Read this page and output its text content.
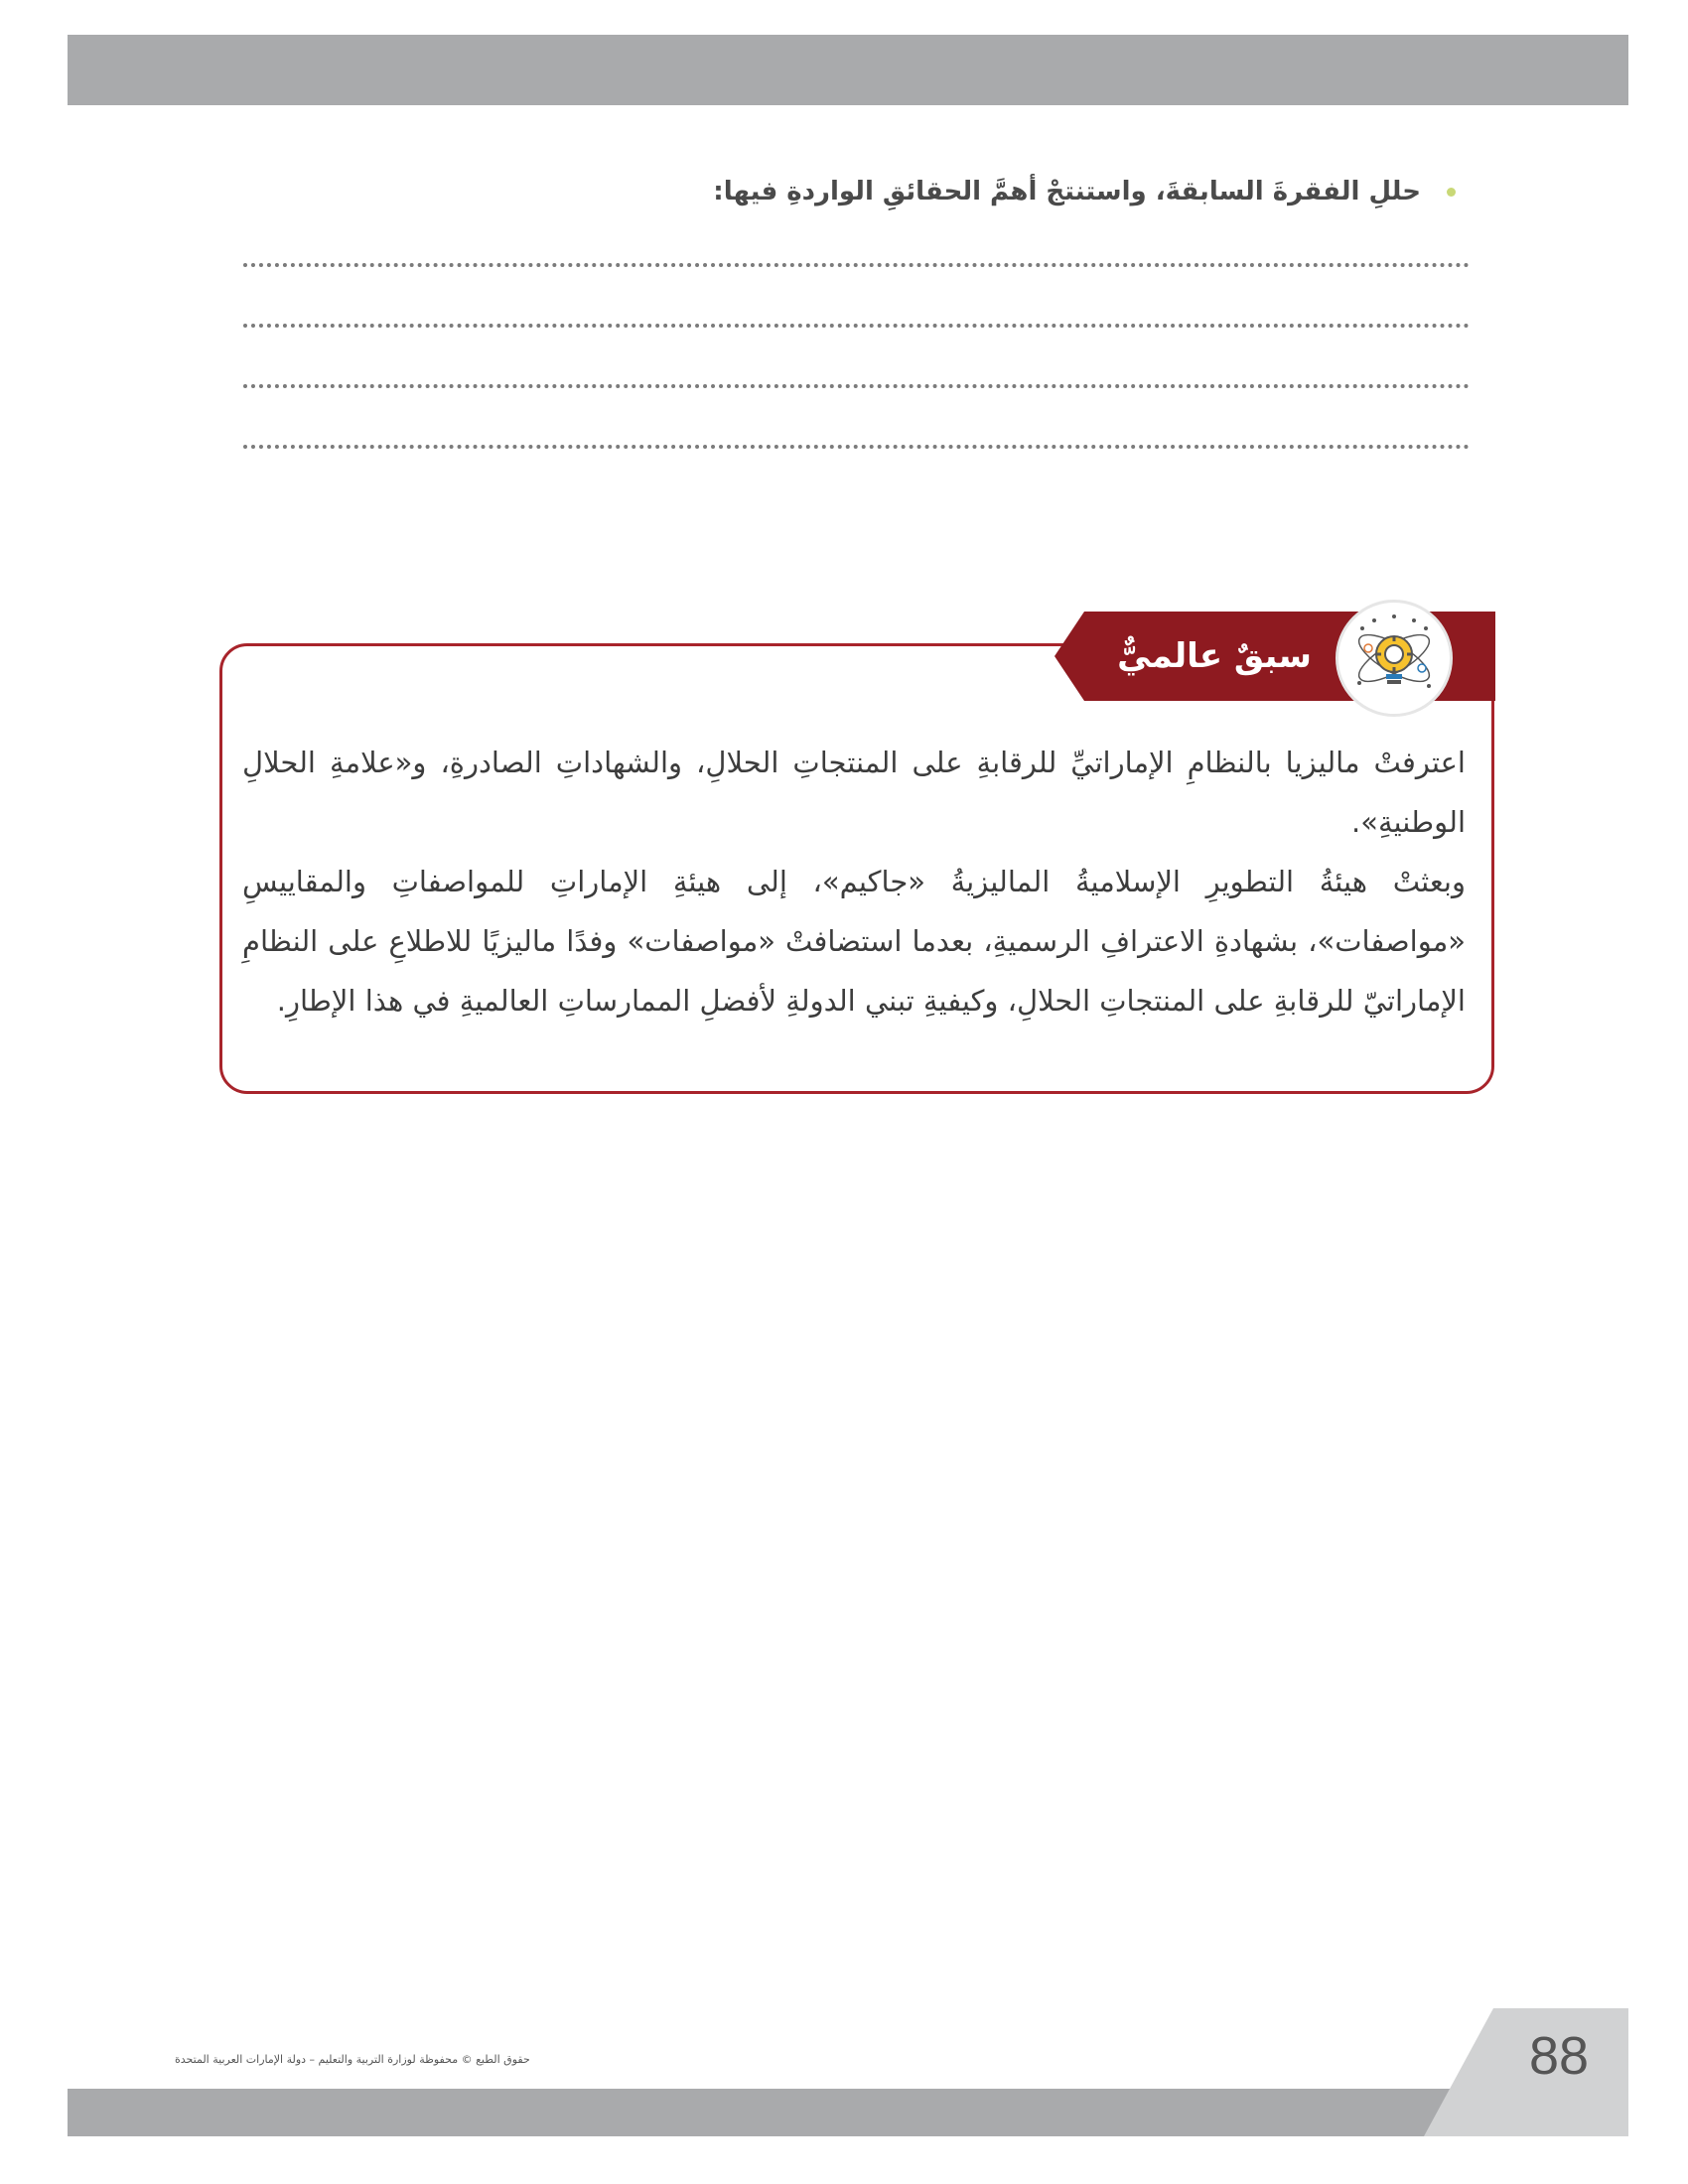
حللِ الفقرةَ السابقةَ، واستنتجْ أهمَّ الحقائقِ الواردةِ فيها:
سبقٌ عالميٌّ

اعترفتْ ماليزيا بالنظامِ الإماراتيِّ للرقابةِ على المنتجاتِ الحلالِ، والشهاداتِ الصادرةِ، و«علامةِ الحلالِ الوطنيةِ».

وبعثتْ هيئةُ التطويرِ الإسلاميةُ الماليزيةُ «جاكيم»، إلى هيئةِ الإماراتِ للمواصفاتِ والمقاييسِ «مواصفات»، بشهادةِ الاعترافِ الرسميةِ، بعدما استضافتْ «مواصفات» وفدًا ماليزيًا للاطلاعِ على النظامِ الإماراتيّ للرقابةِ على المنتجاتِ الحلالِ، وكيفيةِ تبني الدولةِ لأفضلِ الممارساتِ العالميةِ في هذا الإطارِ.

88
حقوق الطبع © محفوظة لوزارة التربية والتعليم – دولة الإمارات العربية المتحدة
